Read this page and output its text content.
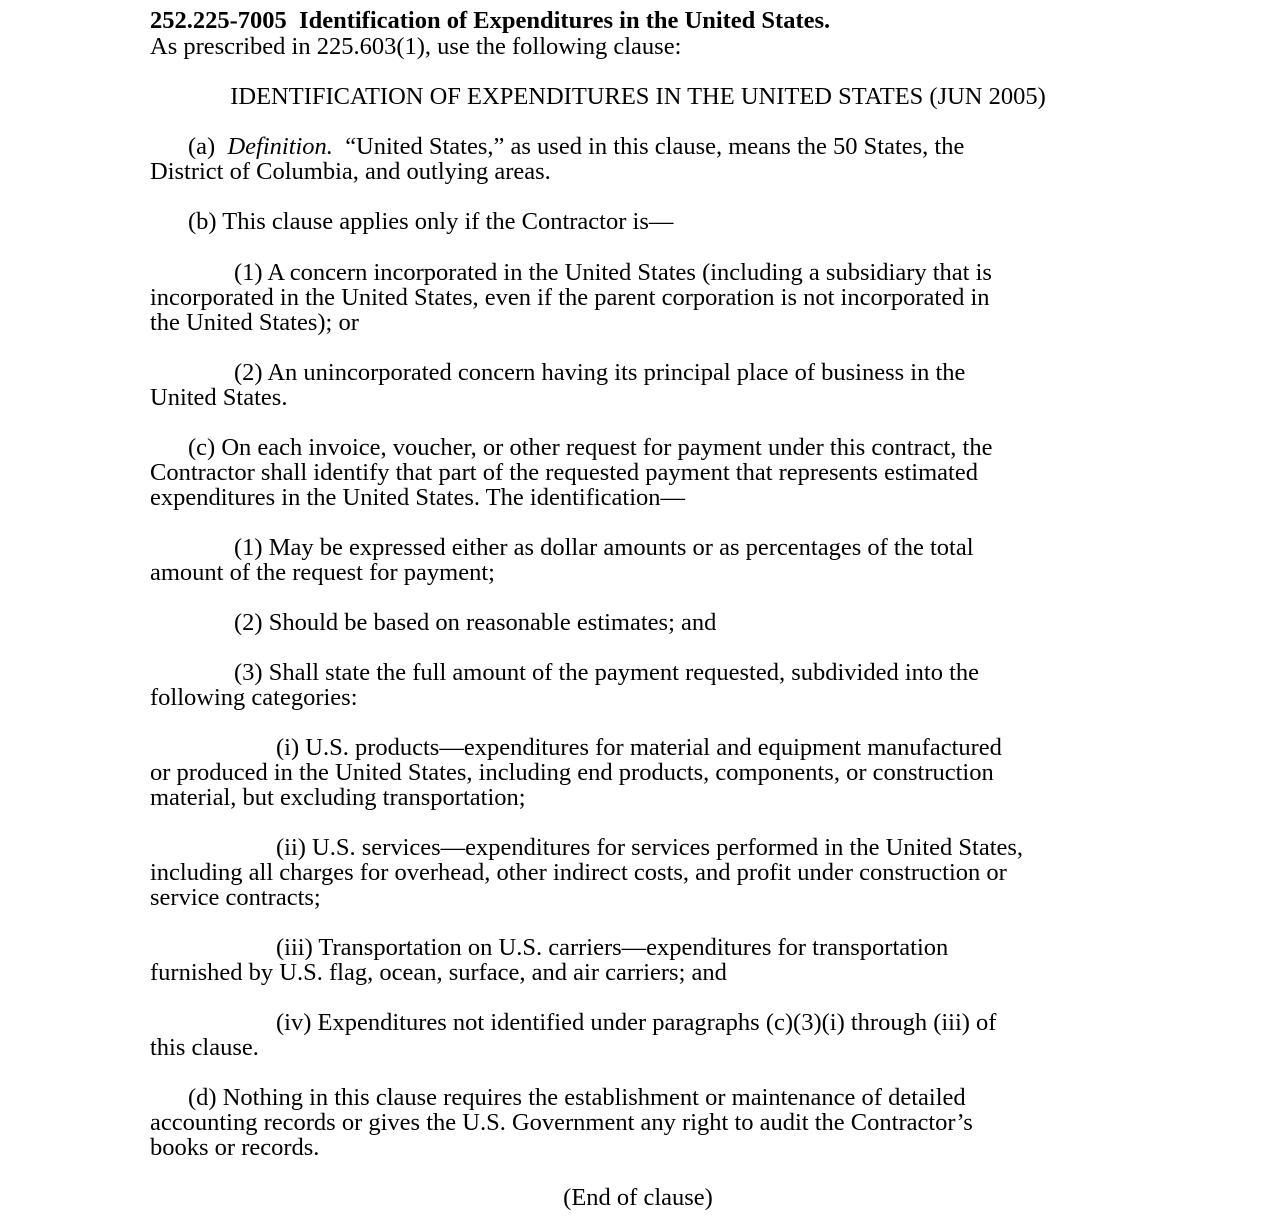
252.225-7005 Identification of Expenditures in the United States.
As prescribed in 225.603(1), use the following clause:
IDENTIFICATION OF EXPENDITURES IN THE UNITED STATES (JUN 2005)
(a) Definition. “United States,” as used in this clause, means the 50 States, the
District of Columbia, and outlying areas.
(b) This clause applies only if the Contractor is—
(1) A concern incorporated in the United States (including a subsidiary that is
incorporated in the United States, even if the parent corporation is not incorporated in
the United States); or
(2) An unincorporated concern having its principal place of business in the
United States.
(c) On each invoice, voucher, or other request for payment under this contract, the
Contractor shall identify that part of the requested payment that represents estimated
expenditures in the United States. The identification—
(1) May be expressed either as dollar amounts or as percentages of the total
amount of the request for payment;
(2) Should be based on reasonable estimates; and
(3) Shall state the full amount of the payment requested, subdivided into the
following categories:
(i) U.S. products—expenditures for material and equipment manufactured
or produced in the United States, including end products, components, or construction
material, but excluding transportation;
(ii) U.S. services—expenditures for services performed in the United States,
including all charges for overhead, other indirect costs, and profit under construction or
service contracts;
(iii) Transportation on U.S. carriers—expenditures for transportation
furnished by U.S. flag, ocean, surface, and air carriers; and
(iv) Expenditures not identified under paragraphs (c)(3)(i) through (iii) of
this clause.
(d) Nothing in this clause requires the establishment or maintenance of detailed
accounting records or gives the U.S. Government any right to audit the Contractor’s
books or records.
(End of clause)
